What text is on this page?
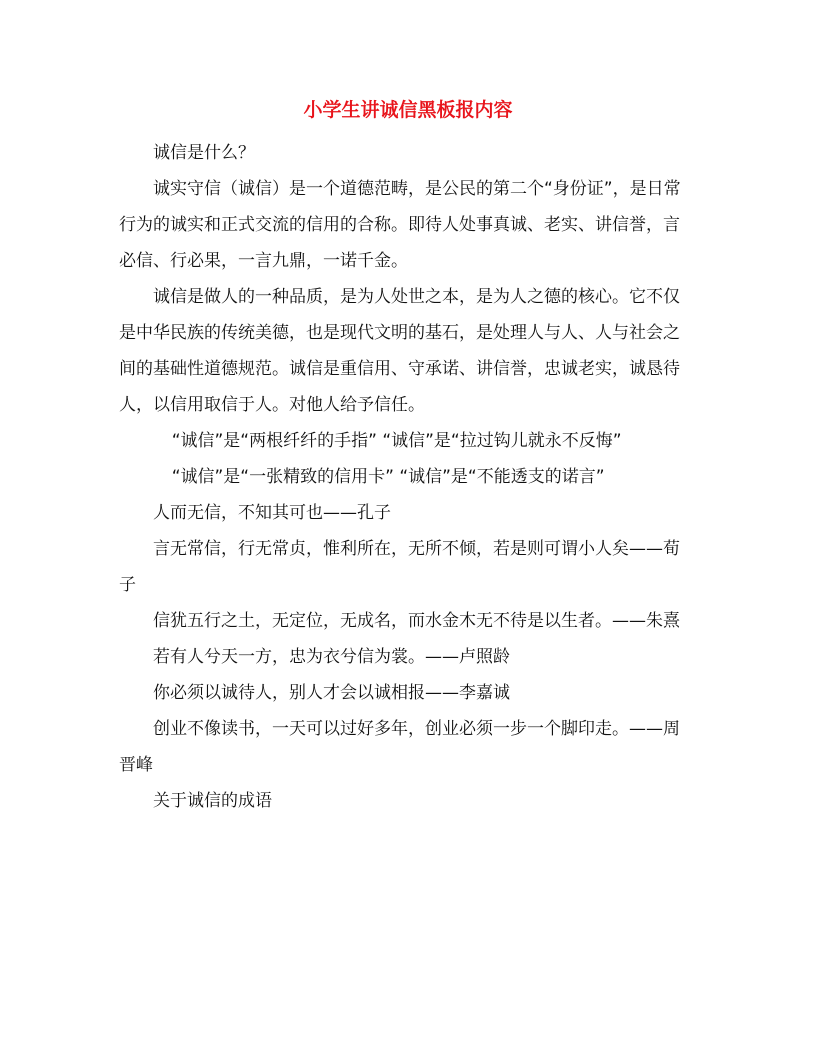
小学生讲诚信黑板报内容

诚信是什么？

诚实守信（诚信）是一个道德范畴，是公民的第二个“身份证”，是日常行为的诚实和正式交流的信用的合称。即待人处事真诚、老实、讲信誉，言必信、行必果，一言九鼎，一诺千金。

诚信是做人的一种品质，是为人处世之本，是为人之德的核心。它不仅是中华民族的传统美德，也是现代文明的基石，是处理人与人、人与社会之间的基础性道德规范。诚信是重信用、守承诺、讲信誉，忠诚老实，诚恳待人，以信用取信于人。对他人给予信任。

“诚信”是“两根纤纤的手指” “诚信”是“拉过钩儿就永不反悔”

“诚信”是“一张精致的信用卡” “诚信”是“不能透支的诺言”

人而无信，不知其可也——孔子

言无常信，行无常贞，惟利所在，无所不倾，若是则可谓小人矣——荀子

信犹五行之土，无定位，无成名，而水金木无不待是以生者。——朱熹

若有人兮天一方，忠为衣兮信为裳。——卢照龄

你必须以诚待人，别人才会以诚相报——李嘉诚

创业不像读书，一天可以过好多年，创业必须一步一个脚印走。——周晋峰

关于诚信的成语
